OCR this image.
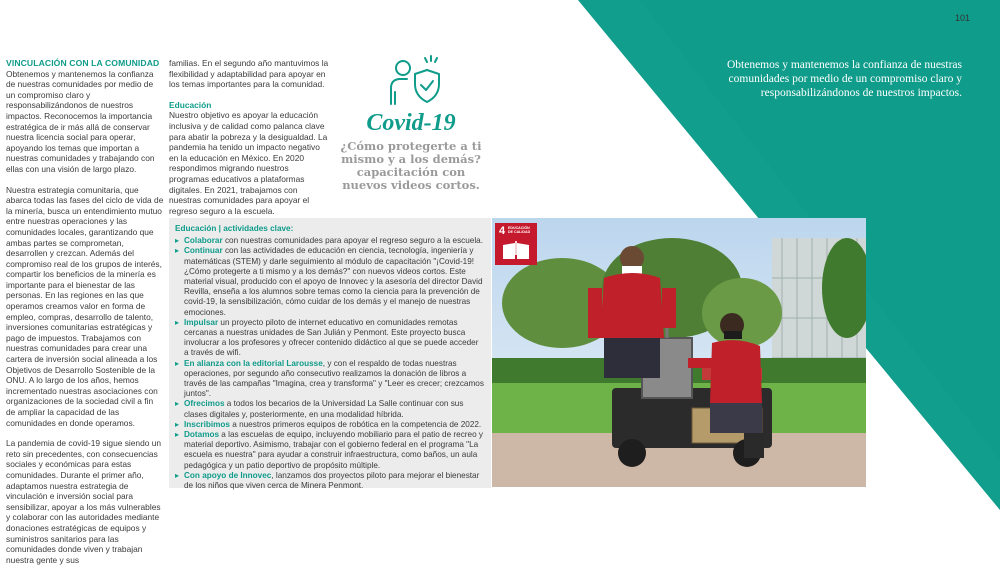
101
Obtenemos y mantenemos la confianza de nuestras comunidades por medio de un compromiso claro y responsabilizándonos de nuestros impactos.
VINCULACIÓN CON LA COMUNIDAD

Obtenemos y mantenemos la confianza de nuestras comunidades por medio de un compromiso claro y responsabilizándonos de nuestros impactos. Reconocemos la importancia estratégica de ir más allá de conservar nuestra licencia social para operar, apoyando los temas que importan a nuestras comunidades y trabajando con ellas con una visión de largo plazo.

Nuestra estrategia comunitaria, que abarca todas las fases del ciclo de vida de la minería, busca un entendimiento mutuo entre nuestras operaciones y las comunidades locales, garantizando que ambas partes se comprometan, desarrollen y crezcan. Además del compromiso real de los grupos de interés, compartir los beneficios de la minería es importante para el bienestar de las personas. En las regiones en las que operamos creamos valor en forma de empleo, compras, desarrollo de talento, inversiones comunitarias estratégicas y pago de impuestos. Trabajamos con nuestras comunidades para crear una cartera de inversión social alineada a los Objetivos de Desarrollo Sostenible de la ONU. A lo largo de los años, hemos incrementado nuestras asociaciones con organizaciones de la sociedad civil a fin de ampliar la capacidad de las comunidades en donde operamos.

La pandemia de covid-19 sigue siendo un reto sin precedentes, con consecuencias sociales y económicas para estas comunidades. Durante el primer año, adaptamos nuestra estrategia de vinculación e inversión social para sensibilizar, apoyar a los más vulnerables y colaborar con las autoridades mediante donaciones estratégicas de equipos y suministros sanitarios para las comunidades donde viven y trabajan nuestra gente y sus

familias. En el segundo año mantuvimos la flexibilidad y adaptabilidad para apoyar en los temas importantes para la comunidad.

Educación

Nuestro objetivo es apoyar la educación inclusiva y de calidad como palanca clave para abatir la pobreza y la desigualdad. La pandemia ha tenido un impacto negativo en la educación en México. En 2020 respondimos migrando nuestros programas educativos a plataformas digitales. En 2021, trabajamos con nuestras comunidades para apoyar el regreso seguro a la escuela.

Covid-19
¿Cómo protegerte a ti mismo y a los demás? capacitación con nuevos videos cortos.
Educación | actividades clave:

▸ Colaborar con nuestras comunidades para apoyar el regreso seguro a la escuela.

▸ Continuar con las actividades de educación en ciencia, tecnología, ingeniería y matemáticas (STEM) y darle seguimiento al módulo de capacitación "¡Covid-19! ¿Cómo protegerte a ti mismo y a los demás?" con nuevos videos cortos. Este material visual, producido con el apoyo de Innovec y la asesoría del director David Revilla, enseña a los alumnos sobre temas como la ciencia para la prevención de covid-19, la sensibilización, cómo cuidar de los demás y el manejo de nuestras emociones.

▸ Impulsar un proyecto piloto de internet educativo en comunidades remotas cercanas a nuestras unidades de San Julián y Penmont. Este proyecto busca involucrar a los profesores y ofrecer contenido didáctico al que se puede acceder a través de wifi.

▸ En alianza con la editorial Larousse, y con el respaldo de todas nuestras operaciones, por segundo año consecutivo realizamos la donación de libros a través de las campañas "Imagina, crea y transforma" y "Leer es crecer; crezcamos juntos".

▸ Ofrecimos a todos los becarios de la Universidad La Salle continuar con sus clases digitales y, posteriormente, en una modalidad híbrida.

▸ Inscribimos a nuestros primeros equipos de robótica en la competencia de 2022.

▸ Dotamos a las escuelas de equipo, incluyendo mobiliario para el patio de recreo y material deportivo. Asimismo, trabajar con el gobierno federal en el programa "La escuela es nuestra" para ayudar a construir infraestructura, como baños, un aula pedagógica y un patio deportivo de propósito múltiple.

▸ Con apoyo de Innovec, lanzamos dos proyectos piloto para mejorar el bienestar de los niños que viven cerca de Minera Penmont.

4 EDUCACIÓN DE CALIDAD
